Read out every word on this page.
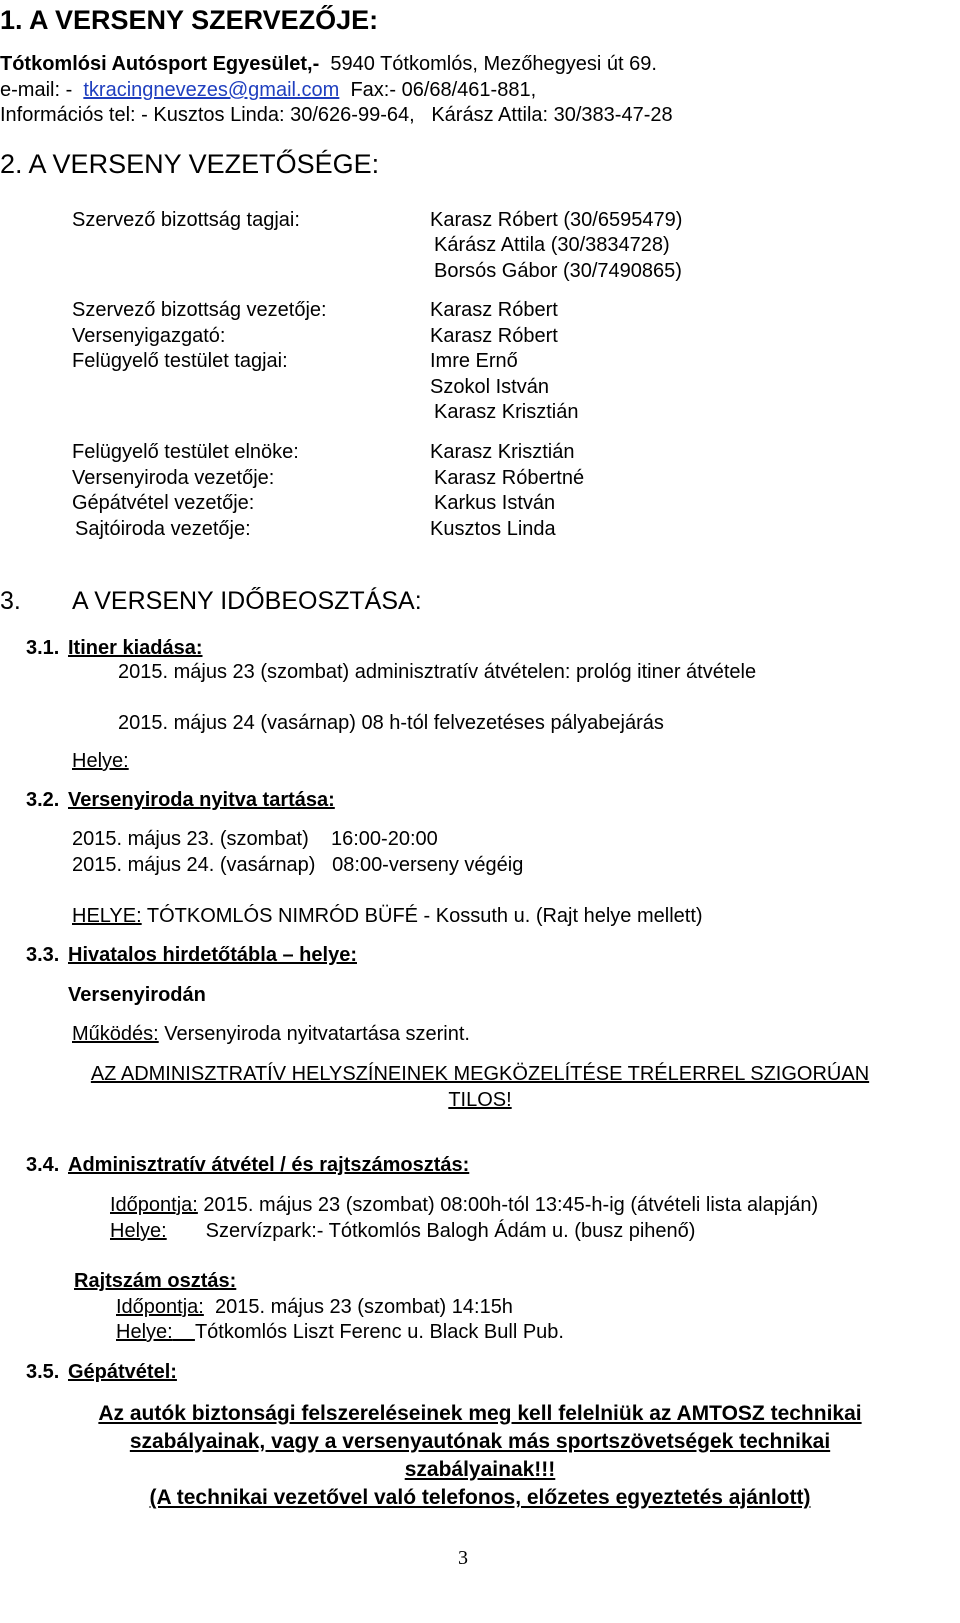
1. A VERSENY SZERVEZŐJE:
Tótkomlósi Autósport Egyesület,- 5940 Tótkomlós, Mezőhegyesi út 69.
e-mail: - tkracingnevezes@gmail.com Fax:- 06/68/461-881,
Információs tel: - Kusztos Linda: 30/626-99-64, Kárász Attila: 30/383-47-28
2. A VERSENY VEZETŐSÉGE:
Szervező bizottság tagjai:	Karasz Róbert (30/6595479)
Kárász Attila (30/3834728)
Borsós Gábor (30/7490865)
Szervező bizottság vezetője:	Karasz Róbert
Versenyigazgató:	Karasz Róbert
Felügyelő testület tagjai:	Imre Ernő
Szokol István
Karasz Krisztián
Felügyelő testület elnöke:	Karasz Krisztián
Versenyiroda vezetője:	Karasz Róbertné
Gépátvétel vezetője:	Karkus István
Sajtóiroda vezetője:	Kusztos Linda
3. A VERSENY IDŐBEOSZTÁSA:
3.1. Itiner kiadása:
2015. május 23 (szombat) adminisztratív átvételen: prológ itiner átvétele
2015. május 24 (vasárnap) 08 h-tól felvezetéses pályabejárás
Helye:
3.2. Versenyiroda nyitva tartása:
2015. május 23. (szombat)    16:00-20:00
2015. május 24. (vasárnap)   08:00-verseny végéig
HELYE: TÓTKOMLÓS NIMRÓD BÜFÉ - Kossuth u. (Rajt helye mellett)
3.3. Hivatalos hirdetőtábla – helye:
Versenyirodán
Működés: Versenyiroda nyitvatartása szerint.
AZ ADMINISZTRATÍV HELYSZÍNEINEK MEGKÖZELÍTÉSE TRÉLERREL SZIGORÚAN
TILOS!
3.4. Adminisztratív átvétel / és rajtszámosztás:
Időpontja: 2015. május 23 (szombat) 08:00h-tól 13:45-h-ig (átvételi lista alapján)
Helye: Szervízpark:- Tótkomlós Balogh Ádám u. (busz pihenő)
Rajtszám osztás:
Időpontja: 2015. május 23 (szombat) 14:15h
Helye: Tótkomlós Liszt Ferenc u. Black Bull Pub.
3.5. Gépátvétel:
Az autók biztonsági felszereléseinek meg kell felelniük az AMTOSZ technikai
szabályainak, vagy a versenyautónak más sportszövetségek technikai
szabályainak!!!
(A technikai vezetővel való telefonos, előzetes egyeztetés ajánlott)
3
